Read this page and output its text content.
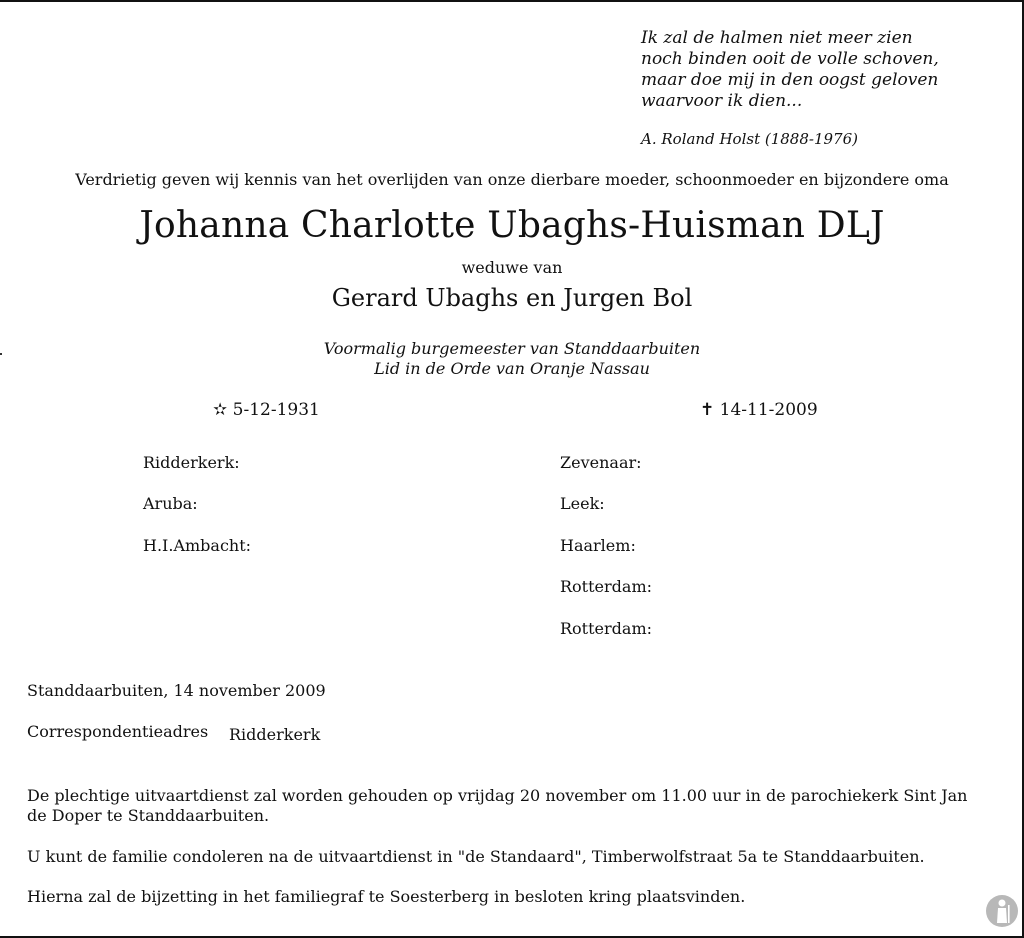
Ik zal de halmen niet meer zien
noch binden ooit de volle schoven,
maar doe mij in den oogst geloven
waarvoor ik dien...
A. Roland Holst (1888-1976)
Verdrietig geven wij kennis van het overlijden van onze dierbare moeder, schoonmoeder en bijzondere oma
Johanna Charlotte Ubaghs-Huisman DLJ
weduwe van
Gerard Ubaghs en Jurgen Bol
Voormalig burgemeester van Standdaarbuiten
Lid in de Orde van Oranje Nassau
✫ 5-12-1931	✝ 14-11-2009
Ridderkerk:
Aruba:
H.I.Ambacht:
Zevenaar:
Leek:
Haarlem:
Rotterdam:
Rotterdam:
Standdaarbuiten, 14 november 2009
Correspondentieadres Ridderkerk
De plechtige uitvaartdienst zal worden gehouden op vrijdag 20 november om 11.00 uur in de parochiekerk Sint Jan de Doper te Standdaarbuiten.
U kunt de familie condoleren na de uitvaartdienst in "de Standaard", Timberwolfstraat 5a te Standdaarbuiten.
Hierna zal de bijzetting in het familiegraf te Soesterberg in besloten kring plaatsvinden.
